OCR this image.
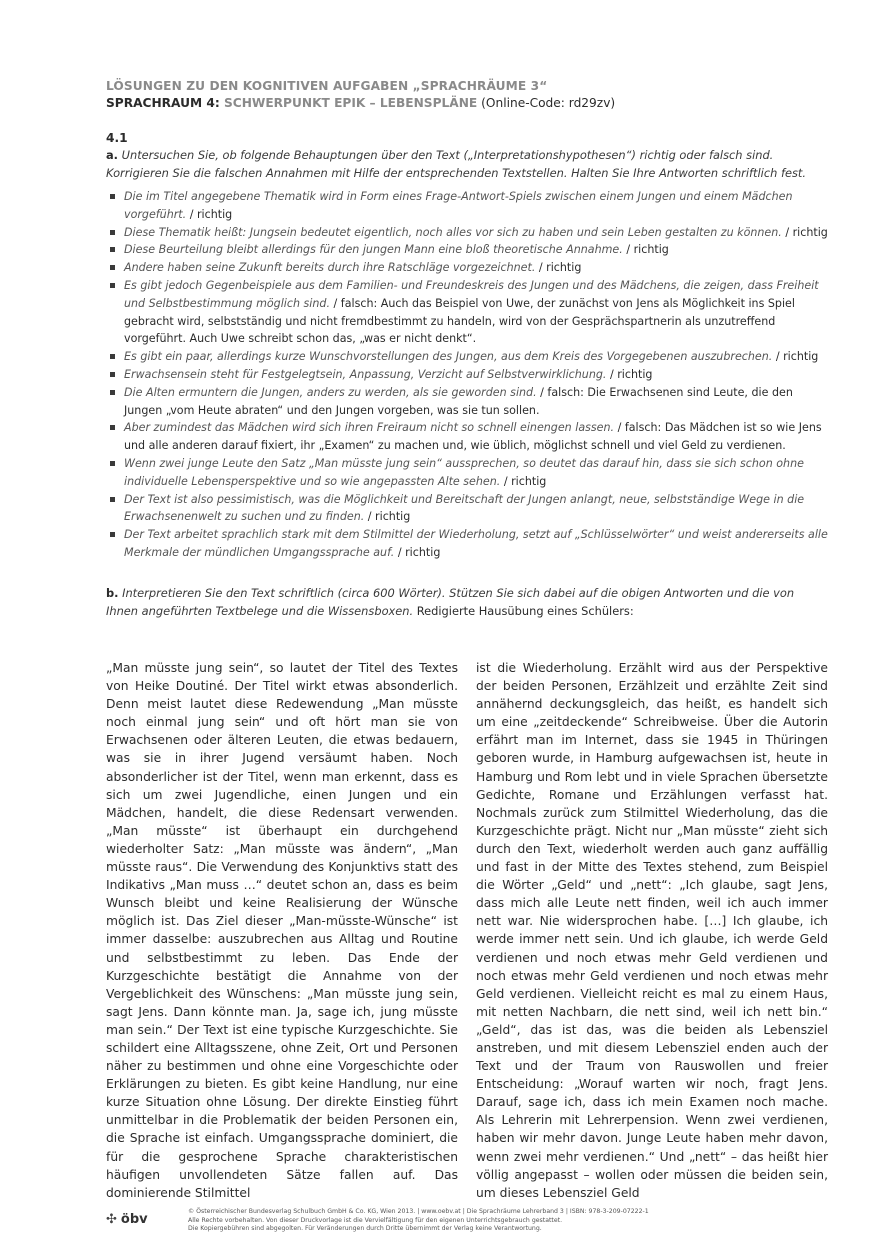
LÖSUNGEN ZU DEN KOGNITIVEN AUFGABEN „SPRACHRÄUME 3“

SPRACHRAUM 4: SCHWERPUNKT EPIK – LEBENSPLÄNE (Online-Code: rd29zv)

4.1
a. Untersuchen Sie, ob folgende Behauptungen über den Text („Interpretationshypothesen“) richtig oder falsch sind. Korrigieren Sie die falschen Annahmen mit Hilfe der entsprechenden Textstellen. Halten Sie Ihre Antworten schriftlich fest.
Die im Titel angegebene Thematik wird in Form eines Frage-Antwort-Spiels zwischen einem Jungen und einem Mädchen vorgeführt. / richtig
Diese Thematik heißt: Jungsein bedeutet eigentlich, noch alles vor sich zu haben und sein Leben gestalten zu können. / richtig
Diese Beurteilung bleibt allerdings für den jungen Mann eine bloß theoretische Annahme. / richtig
Andere haben seine Zukunft bereits durch ihre Ratschläge vorgezeichnet. / richtig
Es gibt jedoch Gegenbeispiele aus dem Familien- und Freundeskreis des Jungen und des Mädchens, die zeigen, dass Freiheit und Selbstbestimmung möglich sind. / falsch: Auch das Beispiel von Uwe, der zunächst von Jens als Möglichkeit ins Spiel gebracht wird, selbstständig und nicht fremdbestimmt zu handeln, wird von der Gesprächspartnerin als unzutreffend vorgeführt. Auch Uwe schreibt schon das, „was er nicht denkt“.
Es gibt ein paar, allerdings kurze Wunschvorstellungen des Jungen, aus dem Kreis des Vorgegebenen auszubrechen. / richtig
Erwachsensein steht für Festgelegtsein, Anpassung, Verzicht auf Selbstverwirklichung. / richtig
Die Alten ermuntern die Jungen, anders zu werden, als sie geworden sind. / falsch: Die Erwachsenen sind Leute, die den Jungen „vom Heute abraten“ und den Jungen vorgeben, was sie tun sollen.
Aber zumindest das Mädchen wird sich ihren Freiraum nicht so schnell einengen lassen. / falsch: Das Mädchen ist so wie Jens und alle anderen darauf fixiert, ihr „Examen“ zu machen und, wie üblich, möglichst schnell und viel Geld zu verdienen.
Wenn zwei junge Leute den Satz „Man müsste jung sein“ aussprechen, so deutet das darauf hin, dass sie sich schon ohne individuelle Lebensperspektive und so wie angepassten Alte sehen. / richtig
Der Text ist also pessimistisch, was die Möglichkeit und Bereitschaft der Jungen anlangt, neue, selbstständige Wege in die Erwachsenenwelt zu suchen und zu finden. / richtig
Der Text arbeitet sprachlich stark mit dem Stilmittel der Wiederholung, setzt auf „Schlüsselwörter“ und weist andererseits alle Merkmale der mündlichen Umgangssprache auf. / richtig
b. Interpretieren Sie den Text schriftlich (circa 600 Wörter). Stützen Sie sich dabei auf die obigen Antworten und die von Ihnen angeführten Textbelege und die Wissensboxen. Redigierte Hausübung eines Schülers:

„Man müsste jung sein“, so lautet der Titel des Textes von Heike Doutiné. Der Titel wirkt etwas absonderlich. Denn meist lautet diese Redewendung „Man müsste noch einmal jung sein“ und oft hört man sie von Erwachsenen oder älteren Leuten, die etwas bedauern, was sie in ihrer Jugend versäumt haben. Noch absonderlicher ist der Titel, wenn man erkennt, dass es sich um zwei Jugendliche, einen Jungen und ein Mädchen, handelt, die diese Redensart verwenden. „Man müsste“ ist überhaupt ein durchgehend wiederholter Satz: „Man müsste was ändern“, „Man müsste raus“. Die Verwendung des Konjunktivs statt des Indikativs „Man muss …“ deutet schon an, dass es beim Wunsch bleibt und keine Realisierung der Wünsche möglich ist. Das Ziel dieser „Man-müsste-Wünsche“ ist immer dasselbe: auszubrechen aus Alltag und Routine und selbstbestimmt zu leben. Das Ende der Kurzgeschichte bestätigt die Annahme von der Vergeblichkeit des Wünschens: „Man müsste jung sein, sagt Jens. Dann könnte man. Ja, sage ich, jung müsste man sein.“ Der Text ist eine typische Kurzgeschichte. Sie schildert eine Alltagsszene, ohne Zeit, Ort und Personen näher zu bestimmen und ohne eine Vorgeschichte oder Erklärungen zu bieten. Es gibt keine Handlung, nur eine kurze Situation ohne Lösung. Der direkte Einstieg führt unmittelbar in die Problematik der beiden Personen ein, die Sprache ist einfach. Umgangssprache dominiert, die für die gesprochene Sprache charakteristischen häufigen unvollendeten Sätze fallen auf. Das dominierende Stilmittel

ist die Wiederholung. Erzählt wird aus der Perspektive der beiden Personen, Erzählzeit und erzählte Zeit sind annähernd deckungsgleich, das heißt, es handelt sich um eine „zeitdeckende“ Schreibweise. Über die Autorin erfährt man im Internet, dass sie 1945 in Thüringen geboren wurde, in Hamburg aufgewachsen ist, heute in Hamburg und Rom lebt und in viele Sprachen übersetzte Gedichte, Romane und Erzählungen verfasst hat. Nochmals zurück zum Stilmittel Wiederholung, das die Kurzgeschichte prägt. Nicht nur „Man müsste“ zieht sich durch den Text, wiederholt werden auch ganz auffällig und fast in der Mitte des Textes stehend, zum Beispiel die Wörter „Geld“ und „nett“: „Ich glaube, sagt Jens, dass mich alle Leute nett finden, weil ich auch immer nett war. Nie widersprochen habe. […] Ich glaube, ich werde immer nett sein. Und ich glaube, ich werde Geld verdienen und noch etwas mehr Geld verdienen und noch etwas mehr Geld verdienen und noch etwas mehr Geld verdienen. Vielleicht reicht es mal zu einem Haus, mit netten Nachbarn, die nett sind, weil ich nett bin.“ „Geld“, das ist das, was die beiden als Lebensziel anstreben, und mit diesem Lebensziel enden auch der Text und der Traum von Rauswollen und freier Entscheidung: „Worauf warten wir noch, fragt Jens. Darauf, sage ich, dass ich mein Examen noch mache. Als Lehrerin mit Lehrerpension. Wenn zwei verdienen, haben wir mehr davon. Junge Leute haben mehr davon, wenn zwei mehr verdienen.“ Und „nett“ – das heißt hier völlig angepasst – wollen oder müssen die beiden sein, um dieses Lebensziel Geld

✣ öbv
© Österreichischer Bundesverlag Schulbuch GmbH & Co. KG, Wien 2013. | www.oebv.at | Die Sprachräume Lehrerband 3 | ISBN: 978-3-209-07222-1
Alle Rechte vorbehalten. Von dieser Druckvorlage ist die Vervielfältigung für den eigenen Unterrichtsgebrauch gestattet.
Die Kopiergebühren sind abgegolten. Für Veränderungen durch Dritte übernimmt der Verlag keine Verantwortung.
